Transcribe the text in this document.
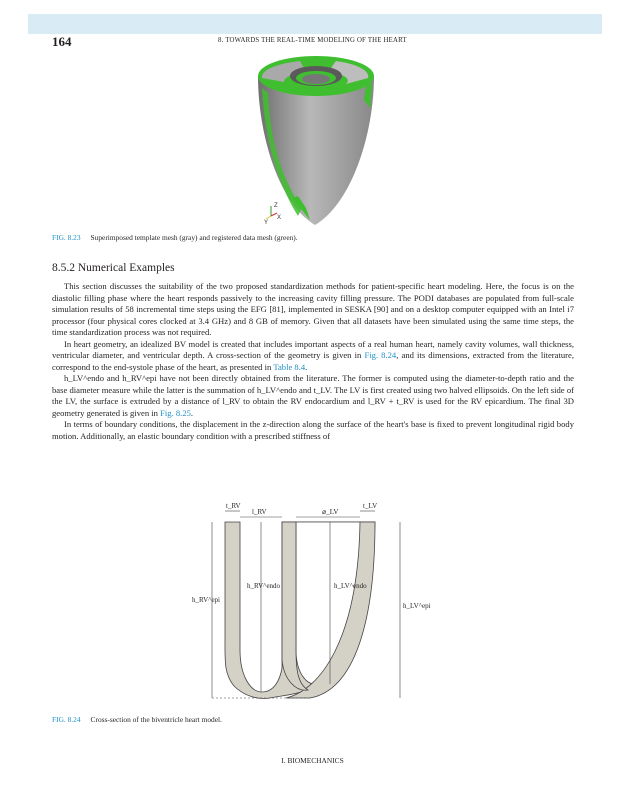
164	8. TOWARDS THE REAL-TIME MODELING OF THE HEART
Z
Y
X
FIG. 8.23 Superimposed template mesh (gray) and registered data mesh (green).
8.5.2 Numerical Examples

This section discusses the suitability of the two proposed standardization methods for patient-specific heart modeling. Here, the focus is on the diastolic filling phase where the heart responds passively to the increasing cavity filling pressure. The PODI databases are populated from full-scale simulation results of 58 incremental time steps using the EFG [81], implemented in SESKA [90] and on a desktop computer equipped with an Intel i7 processor (four physical cores clocked at 3.4 GHz) and 8 GB of memory. Given that all datasets have been simulated using the same time steps, the time standardization process was not required.

In heart geometry, an idealized BV model is created that includes important aspects of a real human heart, namely cavity volumes, wall thickness, ventricular diameter, and ventricular depth. A cross-section of the geometry is given in Fig. 8.24, and its dimensions, extracted from the literature, correspond to the end-systole phase of the heart, as presented in Table 8.4.

h_LV^endo and h_RV^epi have not been directly obtained from the literature. The former is computed using the diameter-to-depth ratio and the base diameter measure while the latter is the summation of h_LV^endo and t_LV. The LV is first created using two halved ellipsoids. On the left side of the LV, the surface is extruded by a distance of l_RV to obtain the RV endocardium and l_RV + t_RV is used for the RV epicardium. The final 3D geometry generated is given in Fig. 8.25.

In terms of boundary conditions, the displacement in the z-direction along the surface of the heart's base is fixed to prevent longitudinal rigid body motion. Additionally, an elastic boundary condition with a prescribed stiffness of

t_RV
l_RV	⌀_LV
t_LV
h_RV^epi
h_RV^endo	h_LV^endo
h_LV^epi
FIG. 8.24 Cross-section of the biventricle heart model.
I. BIOMECHANICS
